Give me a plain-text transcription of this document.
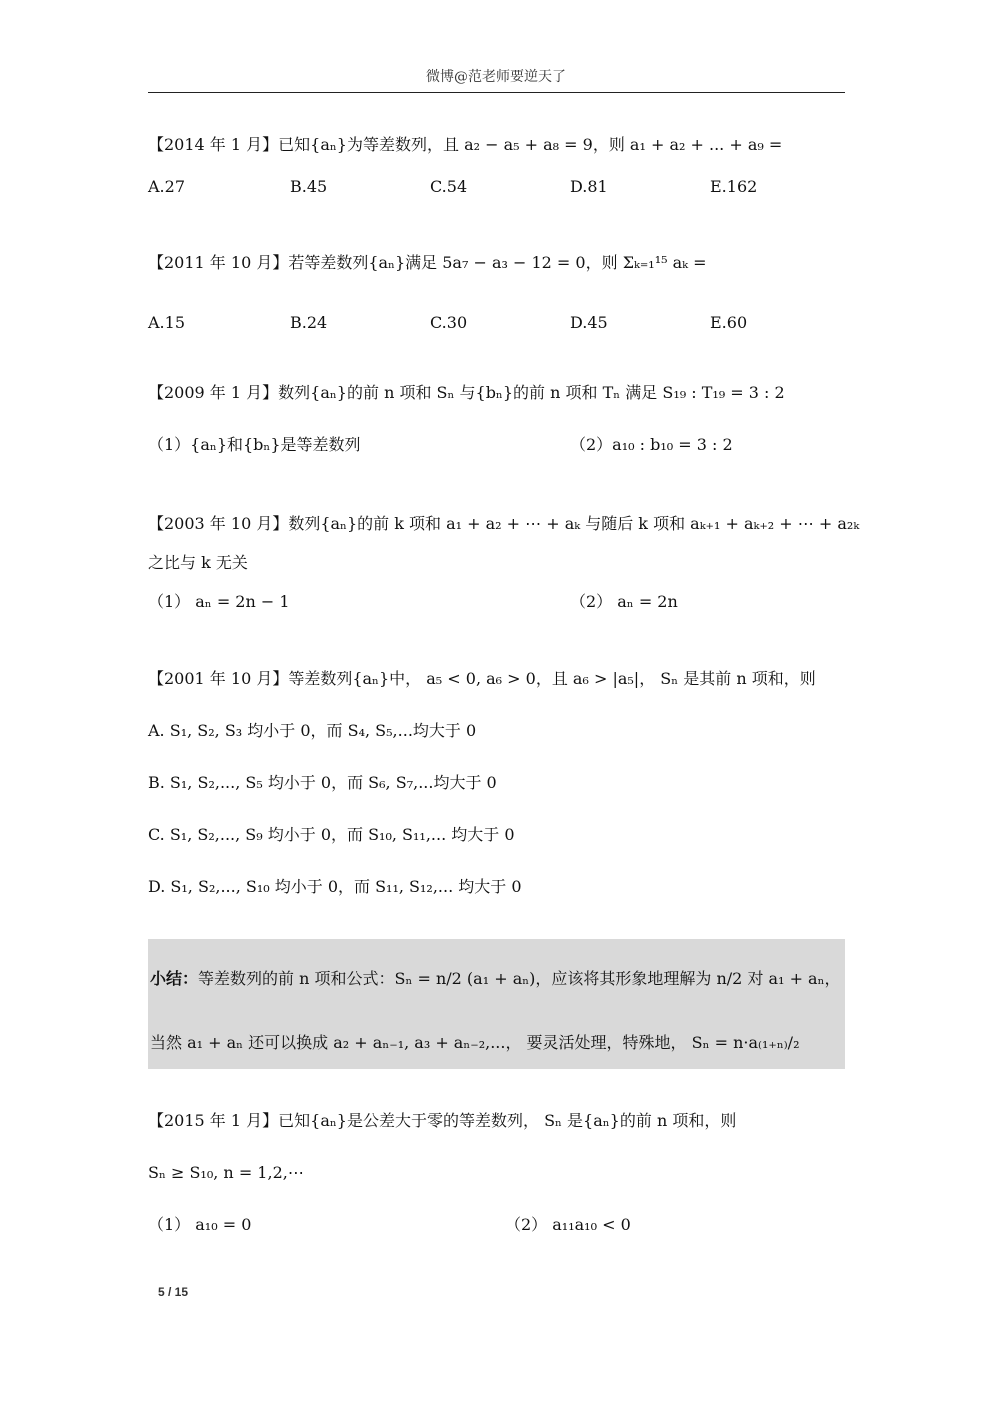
微博@范老师要逆天了
【2014 年 1 月】已知{aₙ}为等差数列，且 a₂ − a₅ + a₈ = 9，则 a₁ + a₂ + ... + a₉ =
A.27	B.45	C.54	D.81	E.162
【2011 年 10 月】若等差数列{aₙ}满足 5a₇ − a₃ − 12 = 0，则 Σₖ₌₁¹⁵ aₖ =
A.15	B.24	C.30	D.45	E.60
【2009 年 1 月】数列{aₙ}的前 n 项和 Sₙ 与{bₙ}的前 n 项和 Tₙ 满足 S₁₉ : T₁₉ = 3 : 2
（1）{aₙ}和{bₙ}是等差数列	（2）a₁₀ : b₁₀ = 3 : 2
【2003 年 10 月】数列{aₙ}的前 k 项和 a₁ + a₂ + ⋯ + aₖ 与随后 k 项和 aₖ₊₁ + aₖ₊₂ + ⋯ + a₂ₖ
之比与 k 无关
（1） aₙ = 2n − 1	（2） aₙ = 2n
【2001 年 10 月】等差数列{aₙ}中， a₅ < 0, a₆ > 0，且 a₆ > |a₅|， Sₙ 是其前 n 项和，则
A. S₁, S₂, S₃ 均小于 0，而 S₄, S₅,...均大于 0
B. S₁, S₂,..., S₅ 均小于 0，而 S₆, S₇,...均大于 0
C. S₁, S₂,..., S₉ 均小于 0，而 S₁₀, S₁₁,... 均大于 0
D. S₁, S₂,..., S₁₀ 均小于 0，而 S₁₁, S₁₂,... 均大于 0
小结：等差数列的前 n 项和公式：Sₙ = n/2 (a₁ + aₙ)，应该将其形象地理解为 n/2 对 a₁ + aₙ，
当然 a₁ + aₙ 还可以换成 a₂ + aₙ₋₁, a₃ + aₙ₋₂,...， 要灵活处理，特殊地， Sₙ = n·a₍₁₊ₙ₎/₂
【2015 年 1 月】已知{aₙ}是公差大于零的等差数列， Sₙ 是{aₙ}的前 n 项和，则
Sₙ ≥ S₁₀, n = 1,2,⋯
（1） a₁₀ = 0	（2） a₁₁a₁₀ < 0
5 / 15
